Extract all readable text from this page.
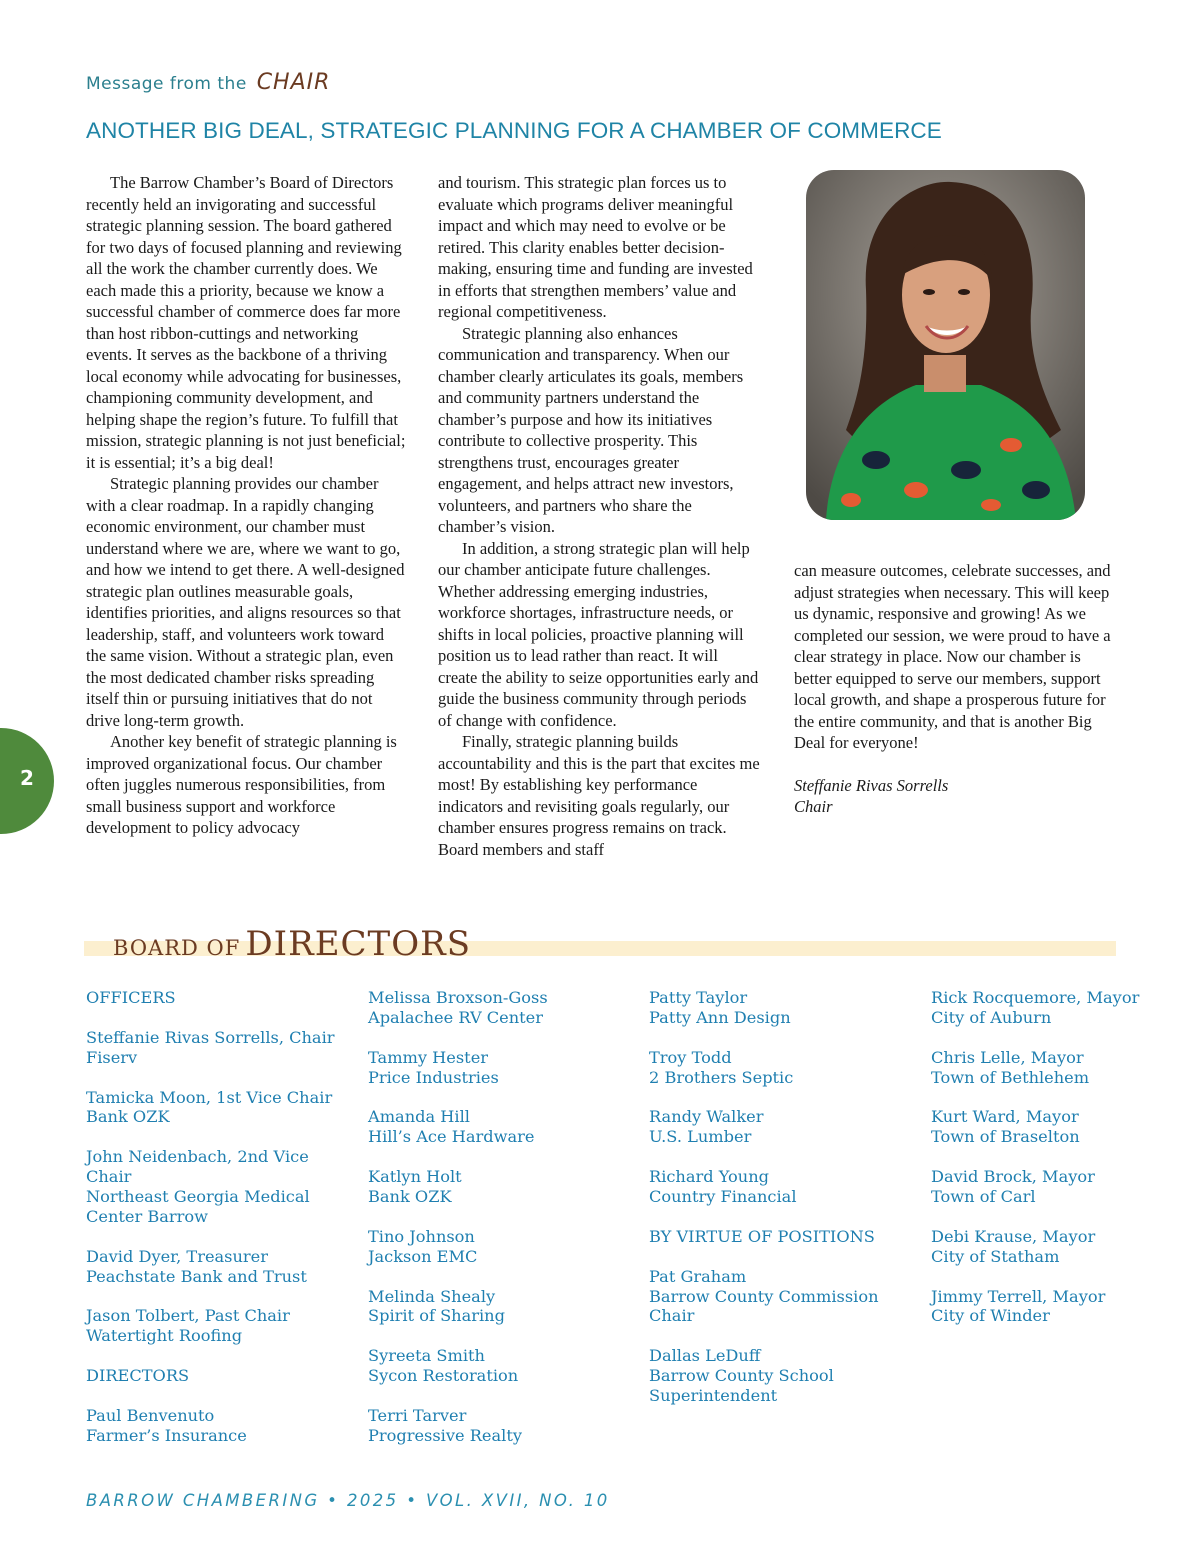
Message from the CHAIR
ANOTHER BIG DEAL, STRATEGIC PLANNING FOR A CHAMBER OF COMMERCE

The Barrow Chamber’s Board of Directors recently held an invigorating and successful strategic planning session. The board gathered for two days of focused planning and reviewing all the work the chamber currently does. We each made this a priority, because we know a successful chamber of commerce does far more than host ribbon-cuttings and networking events. It serves as the backbone of a thriving local economy while advocating for businesses, championing community development, and helping shape the region’s future. To fulfill that mission, strategic planning is not just beneficial; it is essential; it’s a big deal!

Strategic planning provides our chamber with a clear roadmap. In a rapidly changing economic environment, our chamber must understand where we are, where we want to go, and how we intend to get there. A well-designed strategic plan outlines measurable goals, identifies priorities, and aligns resources so that leadership, staff, and volunteers work toward the same vision. Without a strategic plan, even the most dedicated chamber risks spreading itself thin or pursuing initiatives that do not drive long-term growth.

Another key benefit of strategic planning is improved organizational focus. Our chamber often juggles numerous responsibilities, from small business support and workforce development to policy advocacy

and tourism. This strategic plan forces us to evaluate which programs deliver meaningful impact and which may need to evolve or be retired. This clarity enables better decision-making, ensuring time and funding are invested in efforts that strengthen members’ value and regional competitiveness.

Strategic planning also enhances communication and transparency. When our chamber clearly articulates its goals, members and community partners understand the chamber’s purpose and how its initiatives contribute to collective prosperity. This strengthens trust, encourages greater engagement, and helps attract new investors, volunteers, and partners who share the chamber’s vision.

In addition, a strong strategic plan will help our chamber anticipate future challenges. Whether addressing emerging industries, workforce shortages, infrastructure needs, or shifts in local policies, proactive planning will position us to lead rather than react. It will create the ability to seize opportunities early and guide the business community through periods of change with confidence.

Finally, strategic planning builds accountability and this is the part that excites me most! By establishing key performance indicators and revisiting goals regularly, our chamber ensures progress remains on track. Board members and staff

can measure outcomes, celebrate successes, and adjust strategies when necessary. This will keep us dynamic, responsive and growing! As we completed our session, we were proud to have a clear strategy in place. Now our chamber is better equipped to serve our members, support local growth, and shape a prosperous future for the entire community, and that is another Big Deal for everyone!

Steffanie Rivas Sorrells
Chair
2
BOARD OF DIRECTORS
OFFICERS
Steffanie Rivas Sorrells, Chair
Fiserv
Tamicka Moon, 1st Vice Chair
Bank OZK
John Neidenbach, 2nd Vice
Chair
Northeast Georgia Medical
Center Barrow
David Dyer, Treasurer
Peachstate Bank and Trust
Jason Tolbert, Past Chair
Watertight Roofing
DIRECTORS
Paul Benvenuto
Farmer’s Insurance
Melissa Broxson-Goss
Apalachee RV Center
Tammy Hester
Price Industries
Amanda Hill
Hill’s Ace Hardware
Katlyn Holt
Bank OZK
Tino Johnson
Jackson EMC
Melinda Shealy
Spirit of Sharing
Syreeta Smith
Sycon Restoration
Terri Tarver
Progressive Realty
Patty Taylor
Patty Ann Design
Troy Todd
2 Brothers Septic
Randy Walker
U.S. Lumber
Richard Young
Country Financial
BY VIRTUE OF POSITIONS
Pat Graham
Barrow County Commission
Chair
Dallas LeDuff
Barrow County School
Superintendent
Rick Rocquemore, Mayor
City of Auburn
Chris Lelle, Mayor
Town of Bethlehem
Kurt Ward, Mayor
Town of Braselton
David Brock, Mayor
Town of Carl
Debi Krause, Mayor
City of Statham
Jimmy Terrell, Mayor
City of Winder
BARROW CHAMBERING • 2025 • VOL. XVII, NO. 10
